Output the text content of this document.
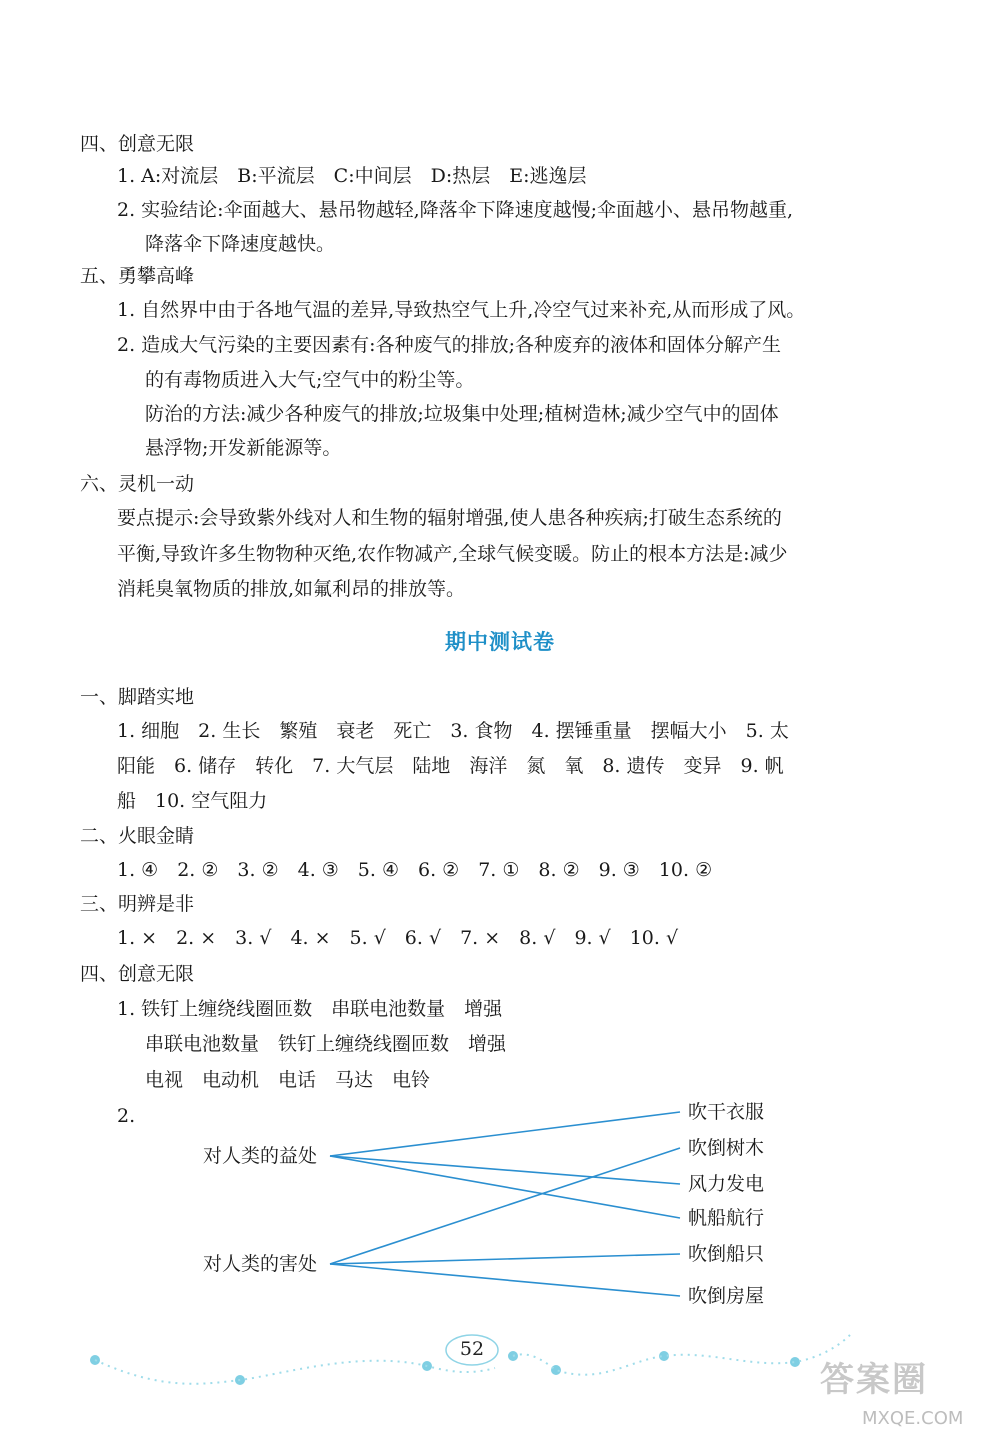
四、创意无限
1. A:对流层　B:平流层　C:中间层　D:热层　E:逃逸层
2. 实验结论:伞面越大、悬吊物越轻,降落伞下降速度越慢;伞面越小、悬吊物越重,
降落伞下降速度越快。
五、勇攀高峰
1. 自然界中由于各地气温的差异,导致热空气上升,冷空气过来补充,从而形成了风。
2. 造成大气污染的主要因素有:各种废气的排放;各种废弃的液体和固体分解产生
的有毒物质进入大气;空气中的粉尘等。
防治的方法:减少各种废气的排放;垃圾集中处理;植树造林;减少空气中的固体
悬浮物;开发新能源等。
六、灵机一动
要点提示:会导致紫外线对人和生物的辐射增强,使人患各种疾病;打破生态系统的
平衡,导致许多生物物种灭绝,农作物减产,全球气候变暖。防止的根本方法是:减少
消耗臭氧物质的排放,如氟利昂的排放等。
期中测试卷
一、脚踏实地
1. 细胞　2. 生长　繁殖　衰老　死亡　3. 食物　4. 摆锤重量　摆幅大小　5. 太
阳能　6. 储存　转化　7. 大气层　陆地　海洋　氮　氧　8. 遗传　变异　9. 帆
船　10. 空气阻力
二、火眼金睛
1. ④　2. ②　3. ②　4. ③　5. ④　6. ②　7. ①　8. ②　9. ③　10. ②
三、明辨是非
1. ×　2. ×　3. √　4. ×　5. √　6. √　7. ×　8. √　9. √　10. √
四、创意无限
1. 铁钉上缠绕线圈匝数　串联电池数量　增强
串联电池数量　铁钉上缠绕线圈匝数　增强
电视　电动机　电话　马达　电铃
2.
对人类的益处
对人类的害处
吹干衣服
吹倒树木
风力发电
帆船航行
吹倒船只
吹倒房屋
52
答案圈
MXQE.COM
